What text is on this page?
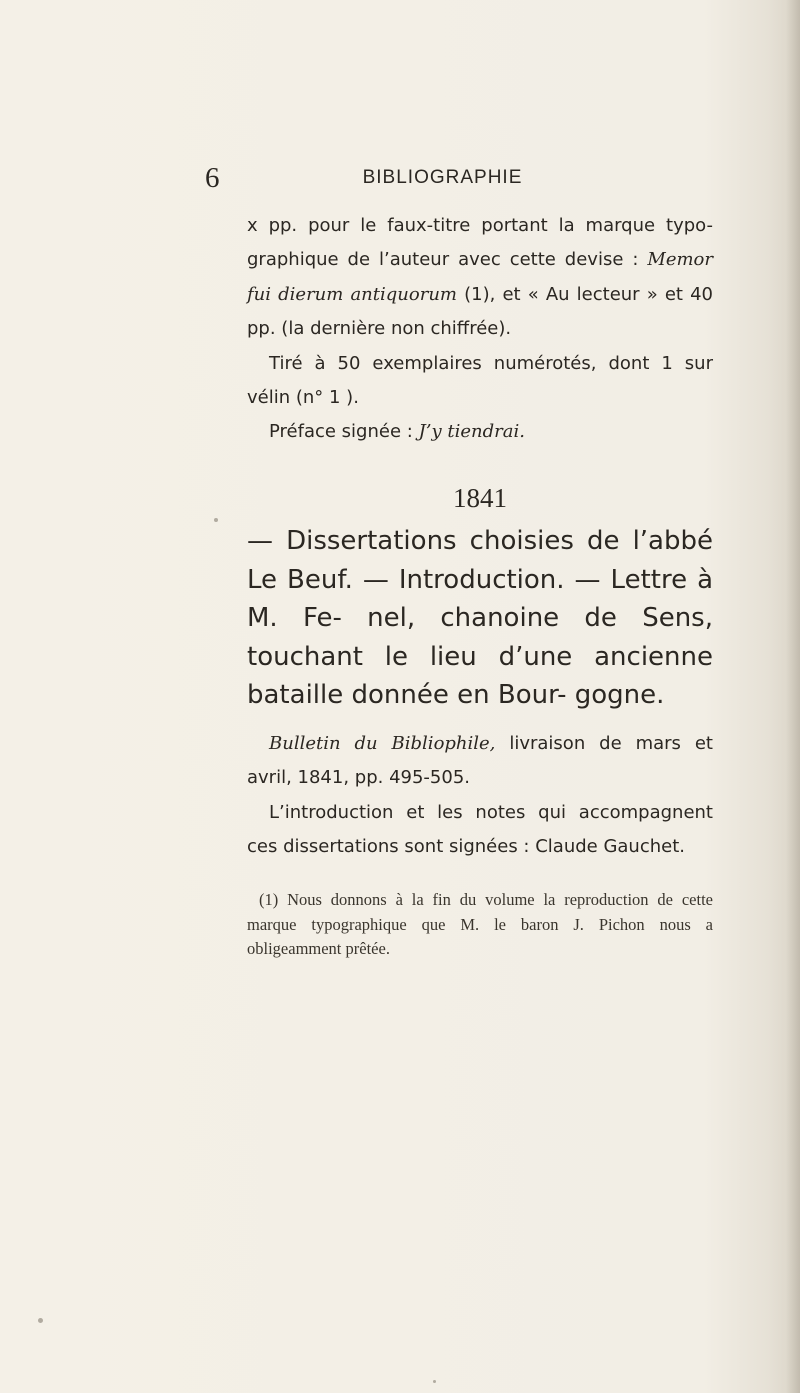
6	BIBLIOGRAPHIE

x pp. pour le faux-titre portant la marque typo- graphique de l’auteur avec cette devise : Memor fui dierum antiquorum (1), et « Au lecteur » et 40 pp. (la dernière non chiffrée).

Tiré à 50 exemplaires numérotés, dont 1 sur vélin (n° 1 ).

Préface signée : J’y tiendrai.

1841

— Dissertations choisies de l’abbé Le Beuf. — Introduction. — Lettre à M. Fe- nel, chanoine de Sens, touchant le lieu d’une ancienne bataille donnée en Bour- gogne.

Bulletin du Bibliophile, livraison de mars et avril, 1841, pp. 495-505.

L’introduction et les notes qui accompagnent ces dissertations sont signées : Claude Gauchet.

(1) Nous donnons à la fin du volume la reproduction de cette marque typographique que M. le baron J. Pichon nous a obligeamment prêtée.
